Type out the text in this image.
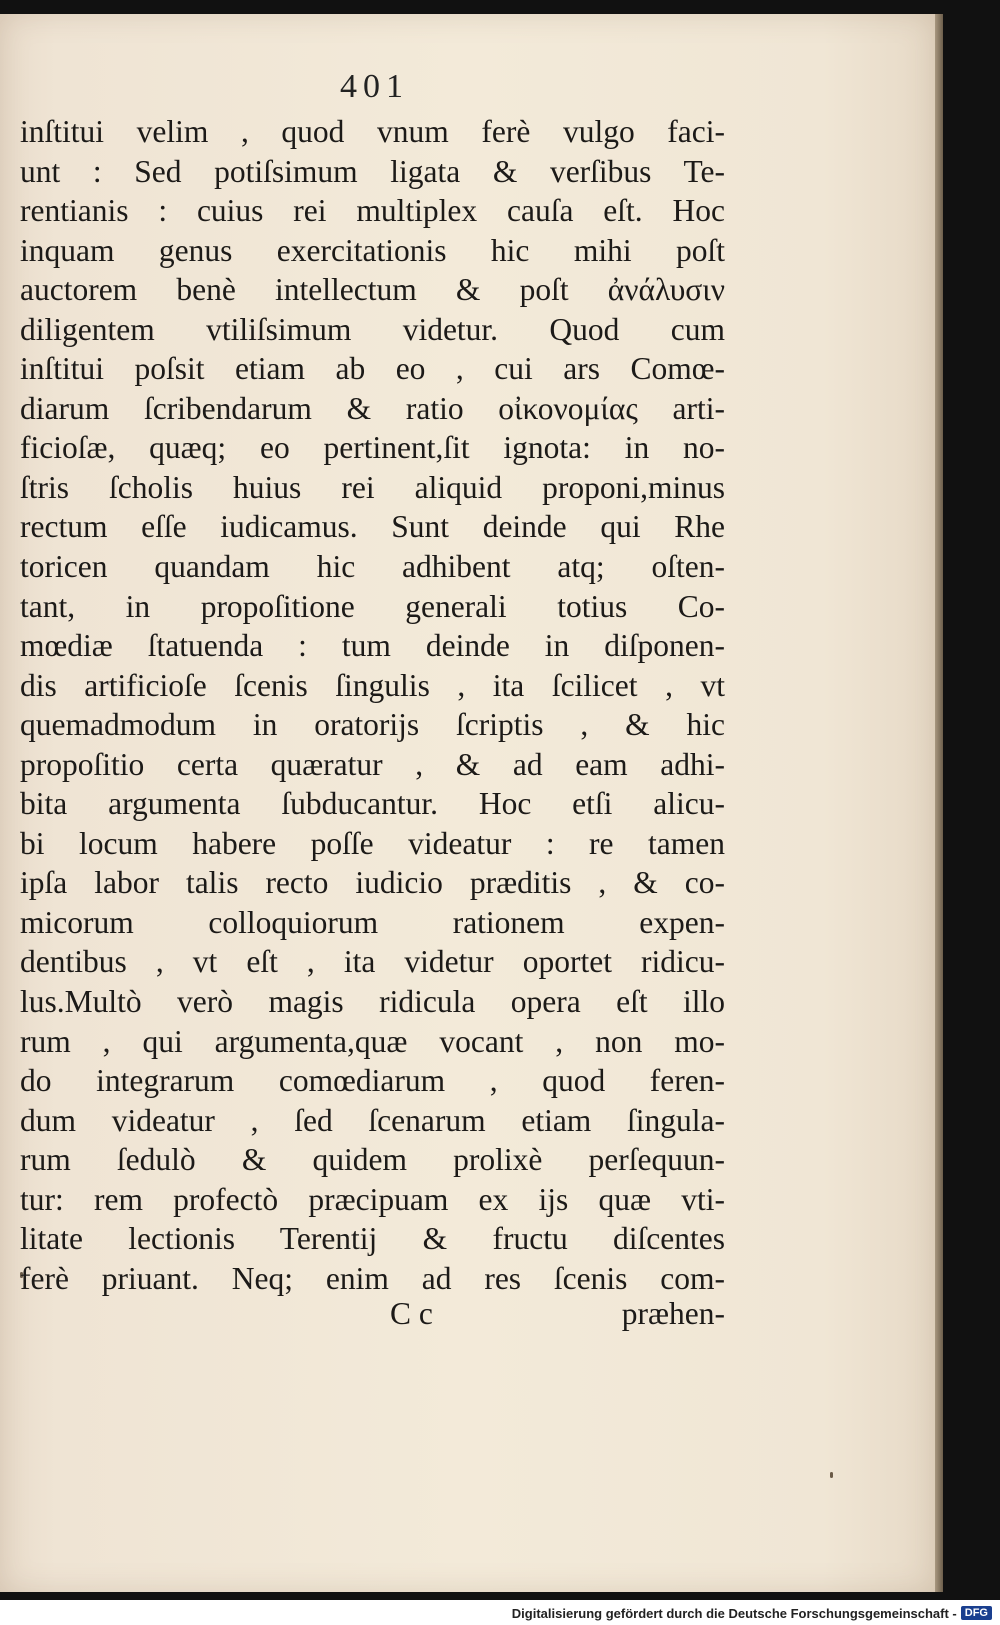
401
inſtitui velim , quod vnum ferè vulgo faci-
unt : Sed potiſsimum ligata & verſibus Te-
rentianis : cuius rei multiplex cauſa eſt. Hoc
inquam genus exercitationis hic mihi poſt
auctorem benè intellectum & poſt ἀνάλυσιν
diligentem vtiliſsimum videtur. Quod cum
inſtitui poſsit etiam ab eo , cui ars Comœ-
diarum ſcribendarum & ratio οἰκονομίας arti-
ficioſæ, quæq; eo pertinent,ſit ignota: in no-
ſtris ſcholis huius rei aliquid proponi,minus
rectum eſſe iudicamus. Sunt deinde qui Rhe
toricen quandam hic adhibent atq; oſten-
tant, in propoſitione generali totius Co-
mœdiæ ſtatuenda : tum deinde in diſponen-
dis artificioſe ſcenis ſingulis , ita ſcilicet , vt
quemadmodum in oratorijs ſcriptis , & hic
propoſitio certa quæratur , & ad eam adhi-
bita argumenta ſubducantur. Hoc etſi alicu-
bi locum habere poſſe videatur : re tamen
ipſa labor talis recto iudicio præditis , & co-
micorum colloquiorum rationem expen-
dentibus , vt eſt , ita videtur oportet ridicu-
lus.Multò verò magis ridicula opera eſt illo
rum , qui argumenta,quæ vocant , non mo-
do integrarum comœdiarum , quod feren-
dum videatur , ſed ſcenarum etiam ſingula-
rum ſedulò & quidem prolixè perſequun-
tur: rem profectò præcipuam ex ijs quæ vti-
litate lectionis Terentij & fructu diſcentes
ferè priuant. Neq; enim ad res ſcenis com-
C c	præhen-
Digitalisierung gefördert durch die Deutsche Forschungsgemeinschaft - DFG
